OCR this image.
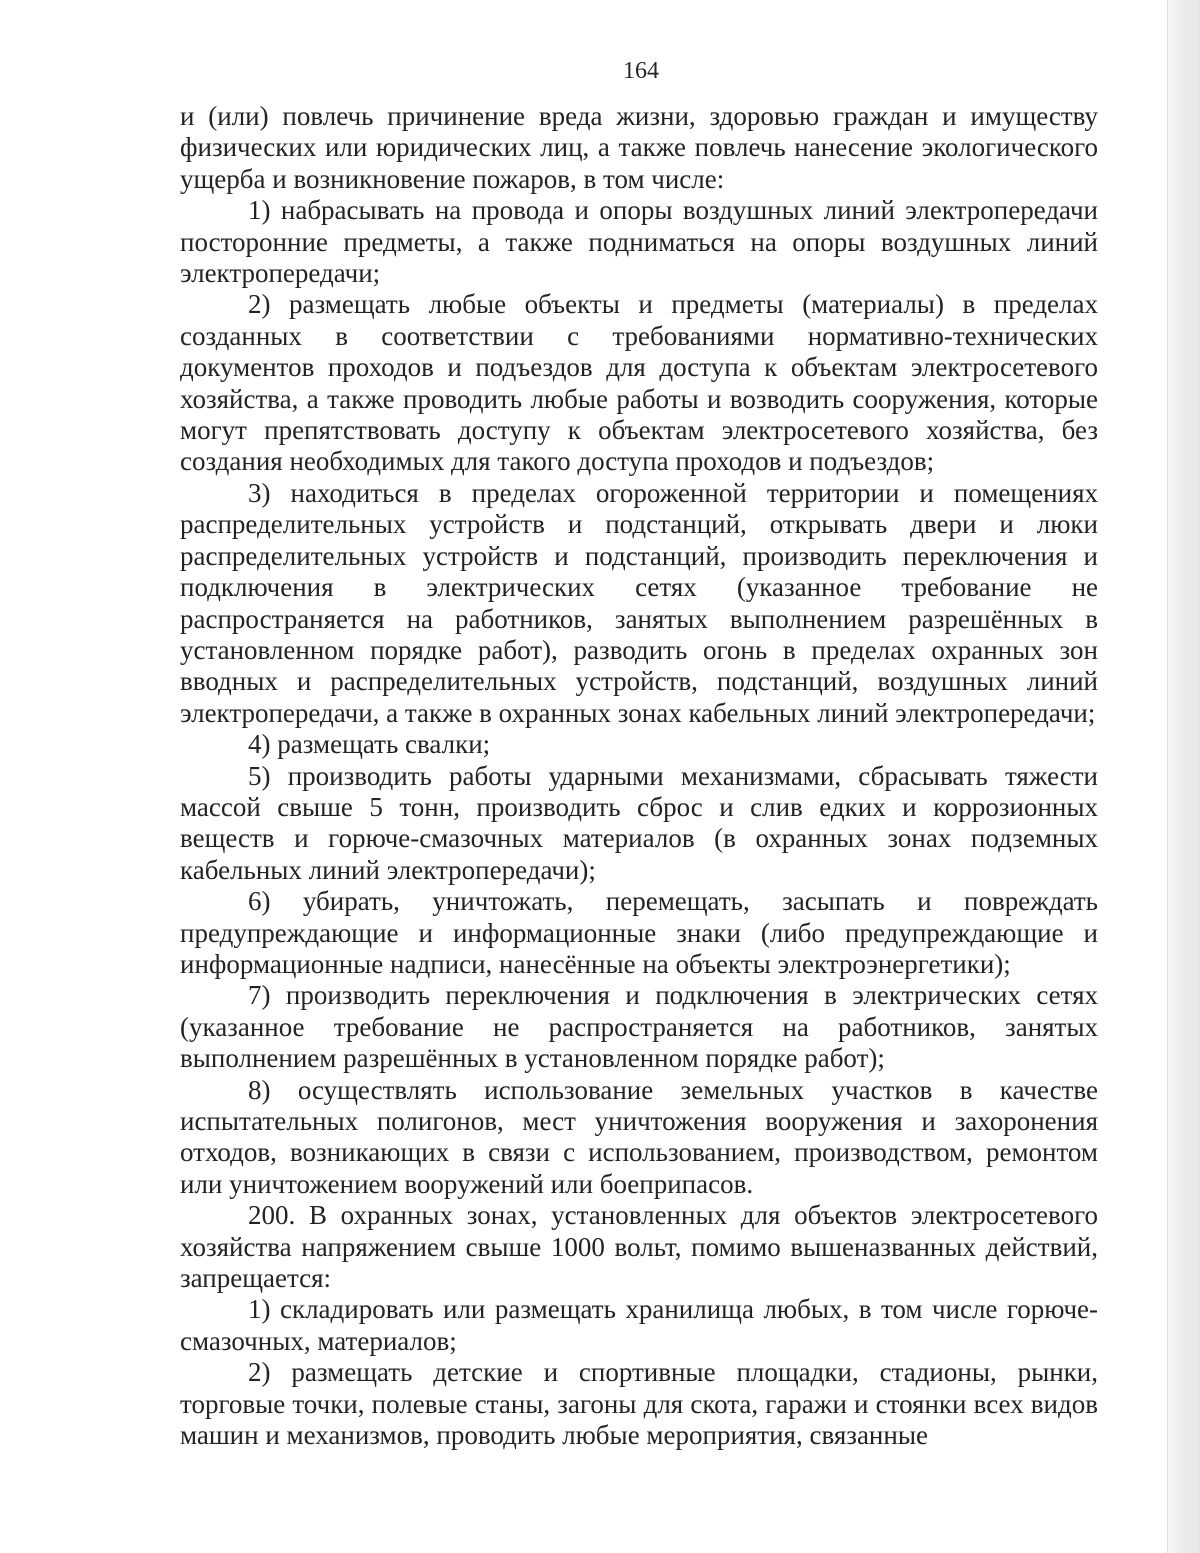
164

и (или) повлечь причинение вреда жизни, здоровью граждан и имуществу физических или юридических лиц, а также повлечь нанесение экологического ущерба и возникновение пожаров, в том числе:

1) набрасывать на провода и опоры воздушных линий электропередачи посторонние предметы, а также подниматься на опоры воздушных линий электропередачи;

2) размещать любые объекты и предметы (материалы) в пределах созданных в соответствии с требованиями нормативно-технических документов проходов и подъездов для доступа к объектам электросетевого хозяйства, а также проводить любые работы и возводить сооружения, которые могут препятствовать доступу к объектам электросетевого хозяйства, без создания необходимых для такого доступа проходов и подъездов;

3) находиться в пределах огороженной территории и помещениях распределительных устройств и подстанций, открывать двери и люки распределительных устройств и подстанций, производить переключения и подключения в электрических сетях (указанное требование не распространяется на работников, занятых выполнением разрешённых в установленном порядке работ), разводить огонь в пределах охранных зон вводных и распределительных устройств, подстанций, воздушных линий электропередачи, а также в охранных зонах кабельных линий электропередачи;

4) размещать свалки;

5) производить работы ударными механизмами, сбрасывать тяжести массой свыше 5 тонн, производить сброс и слив едких и коррозионных веществ и горюче-смазочных материалов (в охранных зонах подземных кабельных линий электропередачи);

6) убирать, уничтожать, перемещать, засыпать и повреждать предупреждающие и информационные знаки (либо предупреждающие и информационные надписи, нанесённые на объекты электроэнергетики);

7) производить переключения и подключения в электрических сетях (указанное требование не распространяется на работников, занятых выполнением разрешённых в установленном порядке работ);

8) осуществлять использование земельных участков в качестве испытательных полигонов, мест уничтожения вооружения и захоронения отходов, возникающих в связи с использованием, производством, ремонтом или уничтожением вооружений или боеприпасов.

200. В охранных зонах, установленных для объектов электросетевого хозяйства напряжением свыше 1000 вольт, помимо вышеназванных действий, запрещается:

1) складировать или размещать хранилища любых, в том числе горюче-смазочных, материалов;

2) размещать детские и спортивные площадки, стадионы, рынки, торговые точки, полевые станы, загоны для скота, гаражи и стоянки всех видов машин и механизмов, проводить любые мероприятия, связанные
